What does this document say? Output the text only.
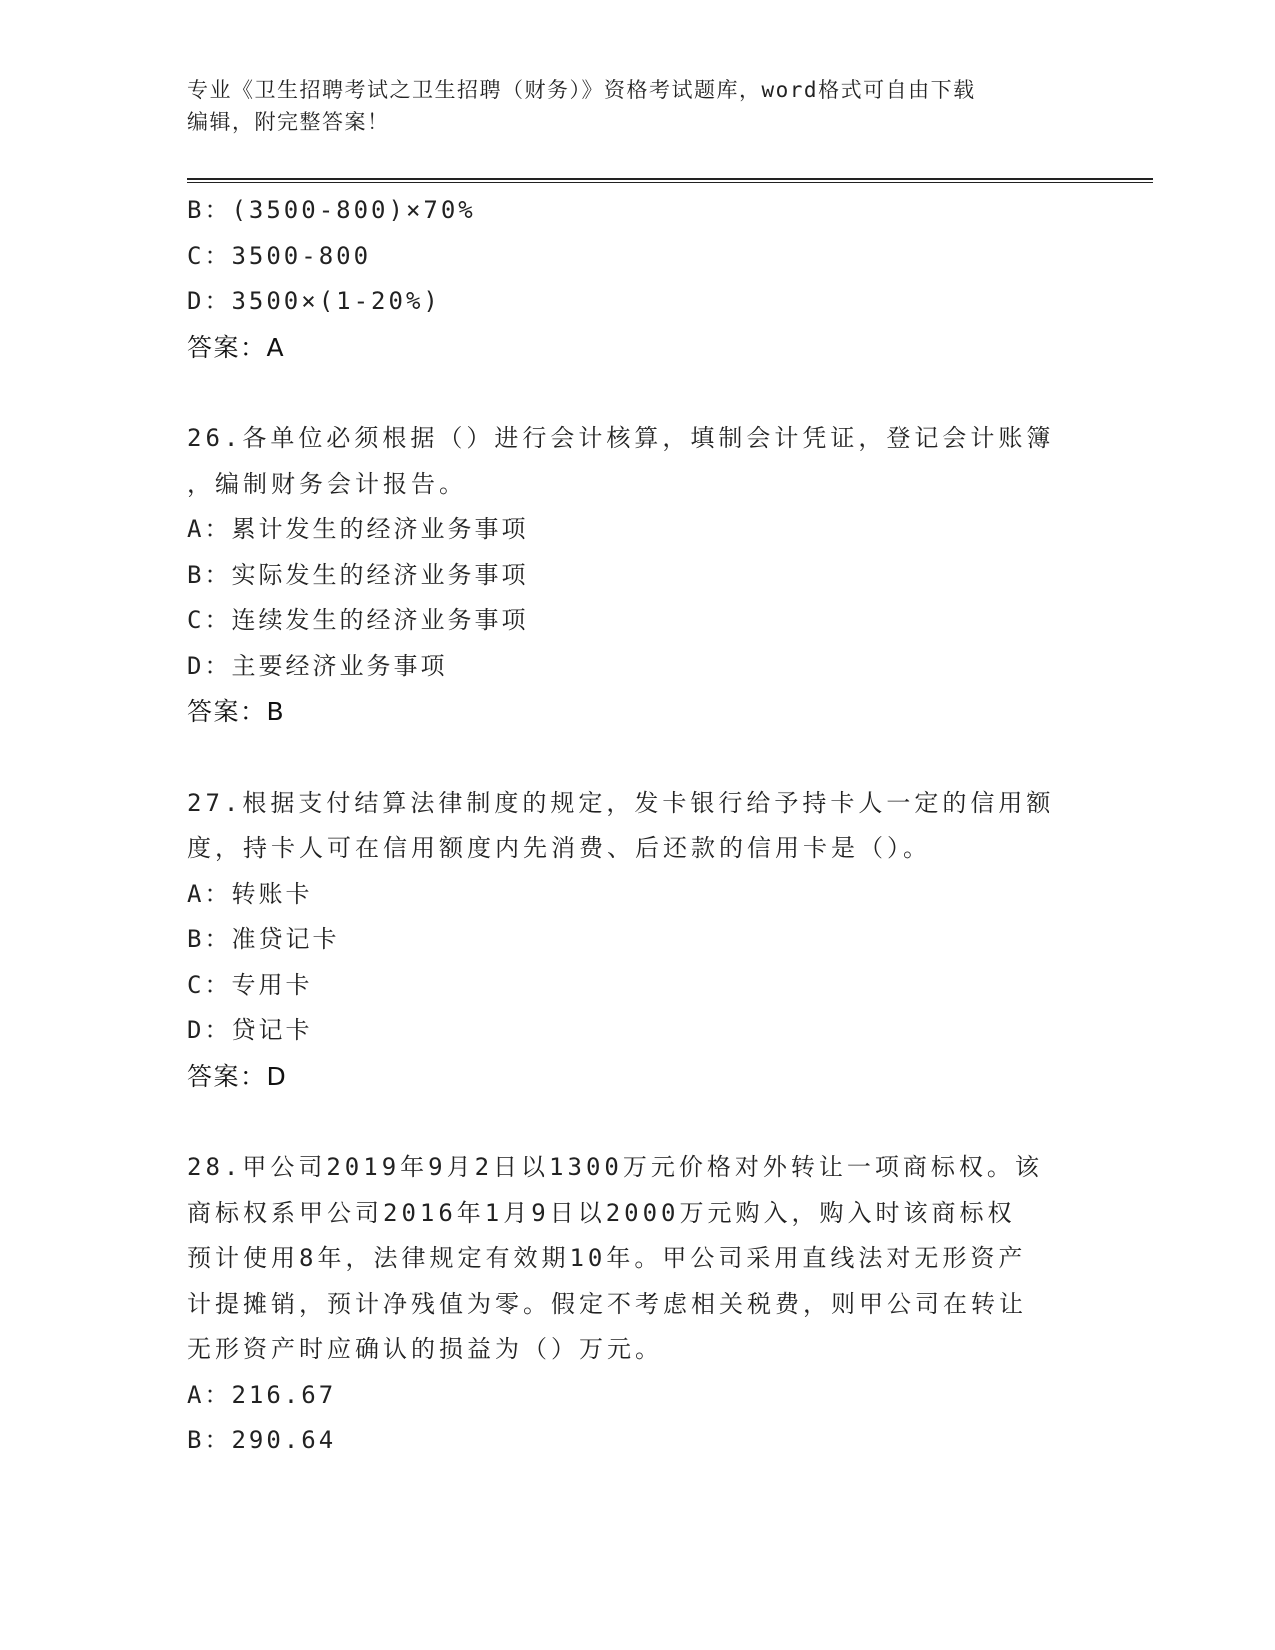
专业《卫生招聘考试之卫生招聘（财务）》资格考试题库，word格式可自由下载
编辑，附完整答案！
B：(3500-800)×70%
C：3500-800
D：3500×(1-20%)
答案：A
26.各单位必须根据（）进行会计核算，填制会计凭证，登记会计账簿
，编制财务会计报告。
A：累计发生的经济业务事项
B：实际发生的经济业务事项
C：连续发生的经济业务事项
D：主要经济业务事项
答案：B
27.根据支付结算法律制度的规定，发卡银行给予持卡人一定的信用额
度，持卡人可在信用额度内先消费、后还款的信用卡是（）。
A：转账卡
B：准贷记卡
C：专用卡
D：贷记卡
答案：D
28.甲公司2019年9月2日以1300万元价格对外转让一项商标权。该
商标权系甲公司2016年1月9日以2000万元购入，购入时该商标权
预计使用8年，法律规定有效期10年。甲公司采用直线法对无形资产
计提摊销，预计净残值为零。假定不考虑相关税费，则甲公司在转让
无形资产时应确认的损益为（）万元。
A：216.67
B：290.64
